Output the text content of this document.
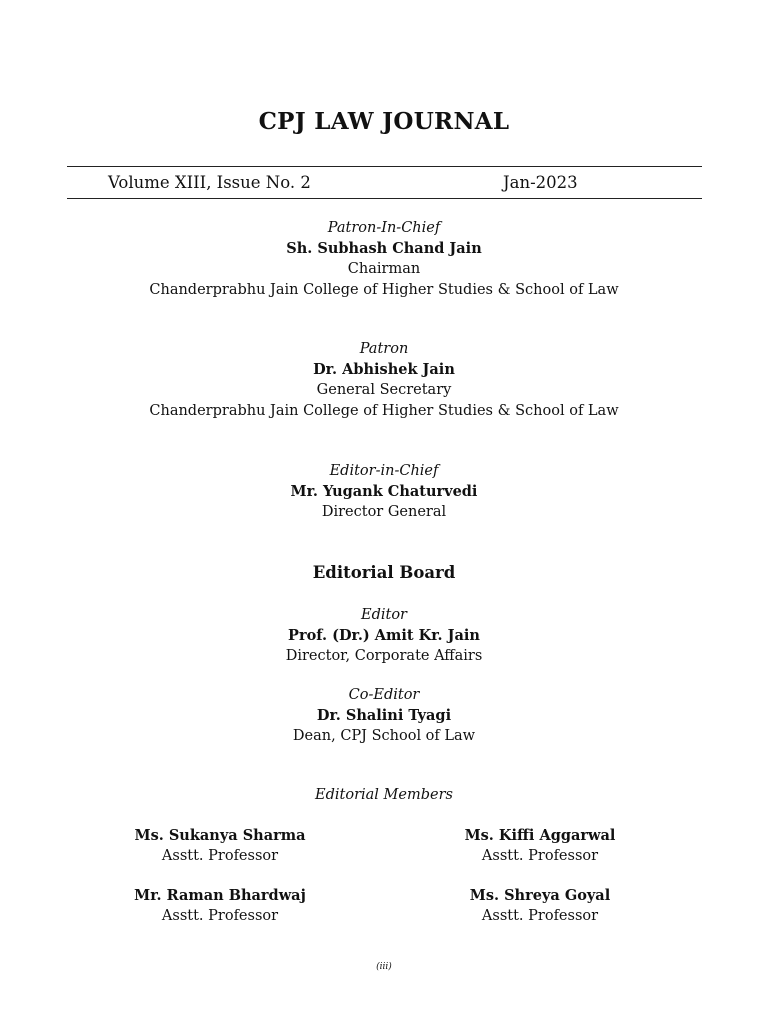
CPJ LAW JOURNAL
Volume XIII, Issue No. 2	Jan-2023
Patron-In-Chief
Sh. Subhash Chand Jain
Chairman
Chanderprabhu Jain College of Higher Studies & School of Law
Patron
Dr. Abhishek Jain
General Secretary
Chanderprabhu Jain College of Higher Studies & School of Law
Editor-in-Chief
Mr. Yugank Chaturvedi
Director General
Editorial Board
Editor
Prof. (Dr.) Amit Kr. Jain
Director, Corporate Affairs
Co-Editor
Dr. Shalini Tyagi
Dean, CPJ School of Law
Editorial Members
Ms. Sukanya Sharma
Asstt. Professor
Ms. Kiffi Aggarwal
Asstt. Professor
Mr. Raman Bhardwaj
Asstt. Professor
Ms. Shreya Goyal
Asstt. Professor
(iii)
